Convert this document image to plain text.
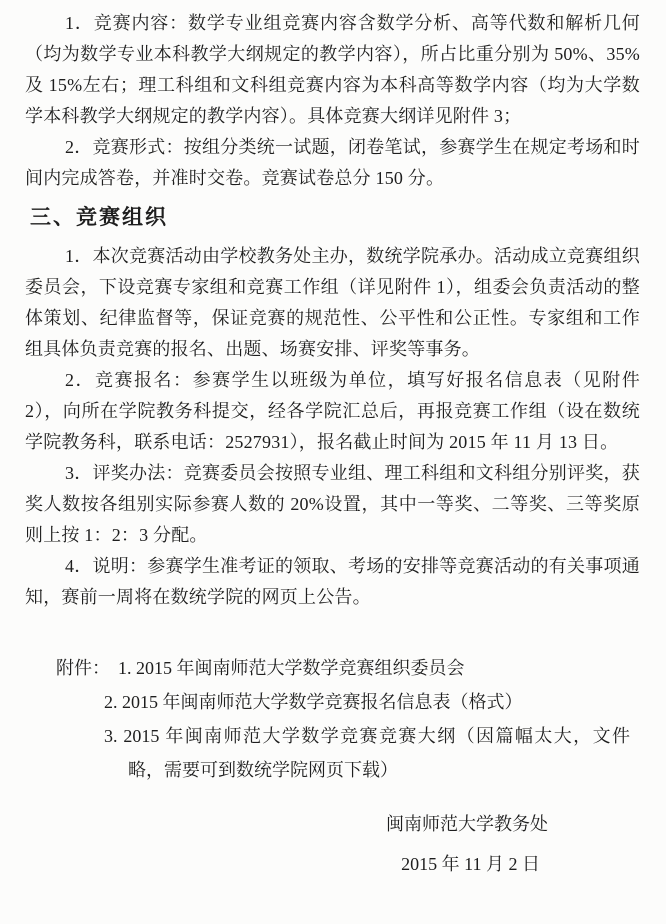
1．竞赛内容：数学专业组竞赛内容含数学分析、高等代数和解析几何（均为数学专业本科教学大纲规定的教学内容），所占比重分别为 50%、35%及 15%左右；理工科组和文科组竞赛内容为本科高等数学内容（均为大学数学本科教学大纲规定的教学内容）。具体竞赛大纲详见附件 3；

2．竞赛形式：按组分类统一试题，闭卷笔试，参赛学生在规定考场和时间内完成答卷，并准时交卷。竞赛试卷总分 150 分。

三、竞赛组织

1．本次竞赛活动由学校教务处主办，数统学院承办。活动成立竞赛组织委员会，下设竞赛专家组和竞赛工作组（详见附件 1），组委会负责活动的整体策划、纪律监督等，保证竞赛的规范性、公平性和公正性。专家组和工作组具体负责竞赛的报名、出题、场赛安排、评奖等事务。

2．竞赛报名：参赛学生以班级为单位，填写好报名信息表（见附件 2），向所在学院教务科提交，经各学院汇总后，再报竞赛工作组（设在数统学院教务科，联系电话：2527931），报名截止时间为 2015 年 11 月 13 日。

3．评奖办法：竞赛委员会按照专业组、理工科组和文科组分别评奖，获奖人数按各组别实际参赛人数的 20%设置，其中一等奖、二等奖、三等奖原则上按 1：2：3 分配。

4．说明：参赛学生准考证的领取、考场的安排等竞赛活动的有关事项通知，赛前一周将在数统学院的网页上公告。

附件： 1. 2015 年闽南师范大学数学竞赛组织委员会
2. 2015 年闽南师范大学数学竞赛报名信息表（格式）
3. 2015 年闽南师范大学数学竞赛竞赛大纲（因篇幅太大，文件略，需要可到数统学院网页下载）
闽南师范大学教务处
2015 年 11 月 2 日
